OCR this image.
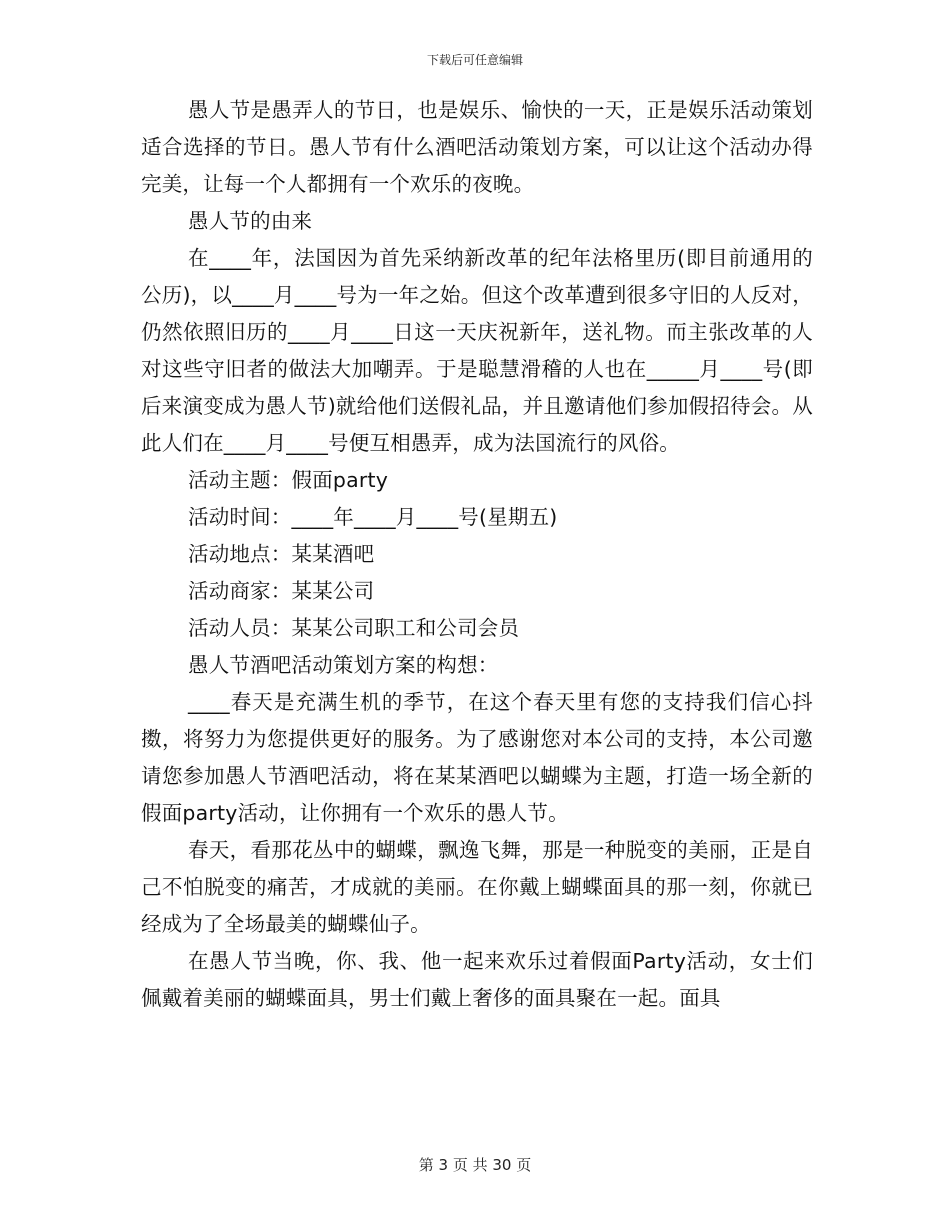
下载后可任意编辑

愚人节是愚弄人的节日，也是娱乐、愉快的一天，正是娱乐活动策划适合选择的节日。愚人节有什么酒吧活动策划方案，可以让这个活动办得完美，让每一个人都拥有一个欢乐的夜晚。

愚人节的由来

在____年，法国因为首先采纳新改革的纪年法格里历(即目前通用的公历)，以____月____号为一年之始。但这个改革遭到很多守旧的人反对，仍然依照旧历的____月____日这一天庆祝新年，送礼物。而主张改革的人对这些守旧者的做法大加嘲弄。于是聪慧滑稽的人也在_____月____号(即后来演变成为愚人节)就给他们送假礼品，并且邀请他们参加假招待会。从此人们在____月____号便互相愚弄，成为法国流行的风俗。

活动主题：假面party

活动时间：____年____月____号(星期五)

活动地点：某某酒吧

活动商家：某某公司

活动人员：某某公司职工和公司会员

愚人节酒吧活动策划方案的构想：

____春天是充满生机的季节，在这个春天里有您的支持我们信心抖擞，将努力为您提供更好的服务。为了感谢您对本公司的支持，本公司邀请您参加愚人节酒吧活动，将在某某酒吧以蝴蝶为主题，打造一场全新的假面party活动，让你拥有一个欢乐的愚人节。

春天，看那花丛中的蝴蝶，飘逸飞舞，那是一种脱变的美丽，正是自己不怕脱变的痛苦，才成就的美丽。在你戴上蝴蝶面具的那一刻，你就已经成为了全场最美的蝴蝶仙子。

在愚人节当晚，你、我、他一起来欢乐过着假面Party活动，女士们佩戴着美丽的蝴蝶面具，男士们戴上奢侈的面具聚在一起。面具

第 3 页 共 30 页
